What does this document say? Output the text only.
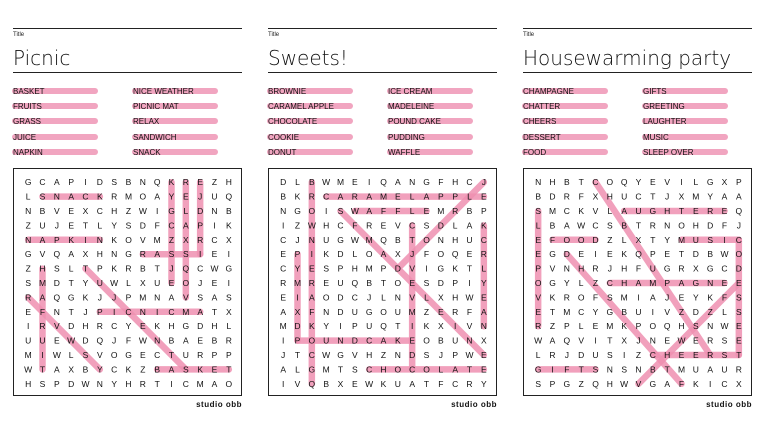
Title
Picnic
BASKET
FRUITS
GRASS
JUICE
NAPKIN
NICE WEATHER
PICNIC MAT
RELAX
SANDWICH
SNACK
G C A P I D S B N Q K R E Z H
L S N A C K R M O A Y E J U Q
N B V E X C H Z W I G L D N B
Z U J E T L Y S D F C A P I K
N A P K I N K O V M Z X R C X
G V Q A X H N G R A S S I E I
Z H S L T P K R B T J Q C W G
S M D T Y U W L X U E O J E I
R A Q G K J J P M N A V S A S
E F N T J P I C N I C M A T X
I R V D H R C Y E K H G D H L
U U E W D Q J F W N B A E B R
M I W L S V O G E C T U R P P
W T A X B Y C K Z B A S K E T
H S P D W N Y H R T I C M A O
studio obb
Title
Sweets!
BROWNIE
CARAMEL APPLE
CHOCOLATE
COOKIE
DONUT
ICE CREAM
MADELEINE
POUND CAKE
PUDDING
WAFFLE
D L B W M E I Q A N G F H C J
B K R C A R A M E L A P P L E
N G O I S W A F F L E M R B P
I Z W H C F R E V C S D L A K
C J N U G W M Q B T O N H U C
E P I K D L O A X J F O Q E R
C Y E S P H M P D V I G K T L
R M R E U Q B T O E S D P I Y
E I A O D C J L N V L X H W E
A X F N D U G O U M Z E R F A
M D K Y I P U Q T I K X I V N
I P O U N D C A K E O B U N X
J T C W G V H Z N D S J P W E
A L G M T S C H O C O L A T E
I V Q B X E W K U A T F C R Y
studio obb
Title
Housewarming party
CHAMPAGNE
CHATTER
CHEERS
DESSERT
FOOD
GIFTS
GREETING
LAUGHTER
MUSIC
SLEEP OVER
N H B T C O Q Y E V I L G X P
B D R F X H U C T J X M Y A A
S M C K V L A U G H T E R E Q
L B A W C S B T R N O H D F J
E F O O D Z L X T Y M U S I C
E G D E I E K Q P E T D B W O
P V N H R J H F U G R X G C D
O G Y L Z C H A M P A G N E E
V K R O F S M I A J E Y K F S
E T M C Y G B U I V Z D Z L S
R Z P L E M K P O Q H S N W E
W A Q V I T X J N E W E R S E
L R J D U S I Z C H E E R S T
G I F T S N S N B T M U A U R
S P G Z Q H W V G A F K I C X
studio obb
